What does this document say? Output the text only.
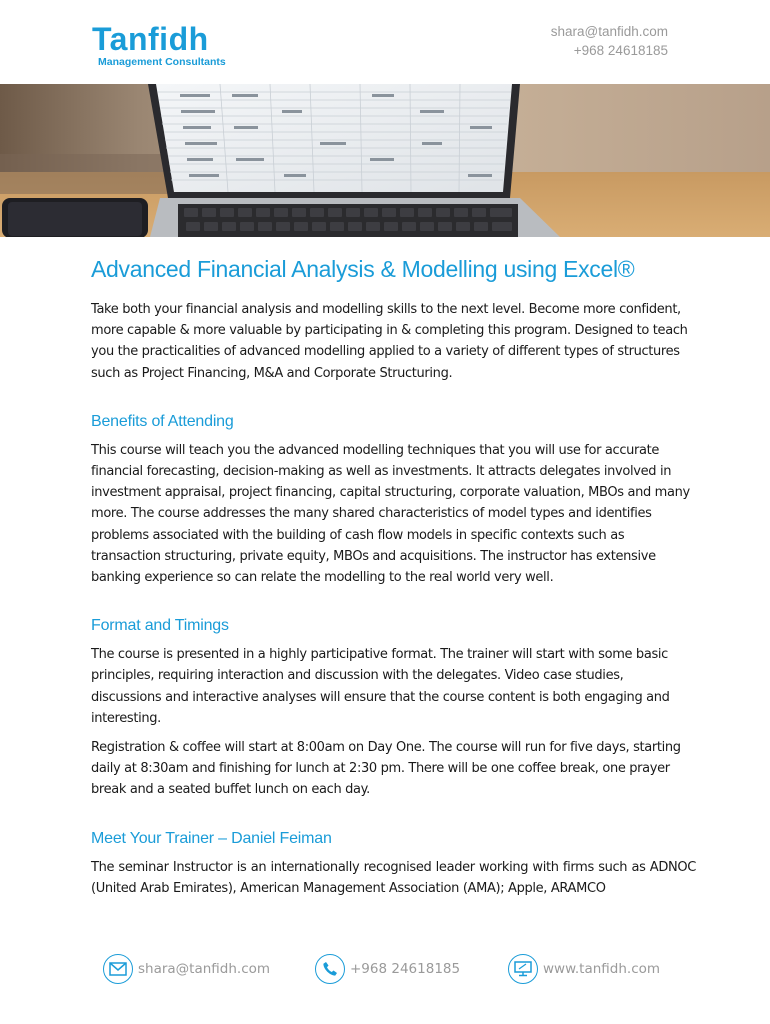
Tanfidh
Management Consultants
shara@tanfidh.com
+968 24618185
Advanced Financial Analysis & Modelling using Excel®

Take both your financial analysis and modelling skills to the next level. Become more confident, more capable & more valuable by participating in & completing this program. Designed to teach you the practicalities of advanced modelling applied to a variety of different types of structures such as Project Financing, M&A and Corporate Structuring.

Benefits of Attending

This course will teach you the advanced modelling techniques that you will use for accurate financial forecasting, decision-making as well as investments. It attracts delegates involved in investment appraisal, project financing, capital structuring, corporate valuation, MBOs and many more. The course addresses the many shared characteristics of model types and identifies problems associated with the building of cash flow models in specific contexts such as transaction structuring, private equity, MBOs and acquisitions. The instructor has extensive banking experience so can relate the modelling to the real world very well.

Format and Timings

The course is presented in a highly participative format. The trainer will start with some basic principles, requiring interaction and discussion with the delegates. Video case studies, discussions and interactive analyses will ensure that the course content is both engaging and interesting.

Registration & coffee will start at 8:00am on Day One. The course will run for five days, starting daily at 8:30am and finishing for lunch at 2:30 pm. There will be one coffee break, one prayer break and a seated buffet lunch on each day.

Meet Your Trainer – Daniel Feiman

The seminar Instructor is an internationally recognised leader working with firms such as ADNOC (United Arab Emirates), American Management Association (AMA); Apple, ARAMCO

shara@tanfidh.com	+968 24618185	www.tanfidh.com
